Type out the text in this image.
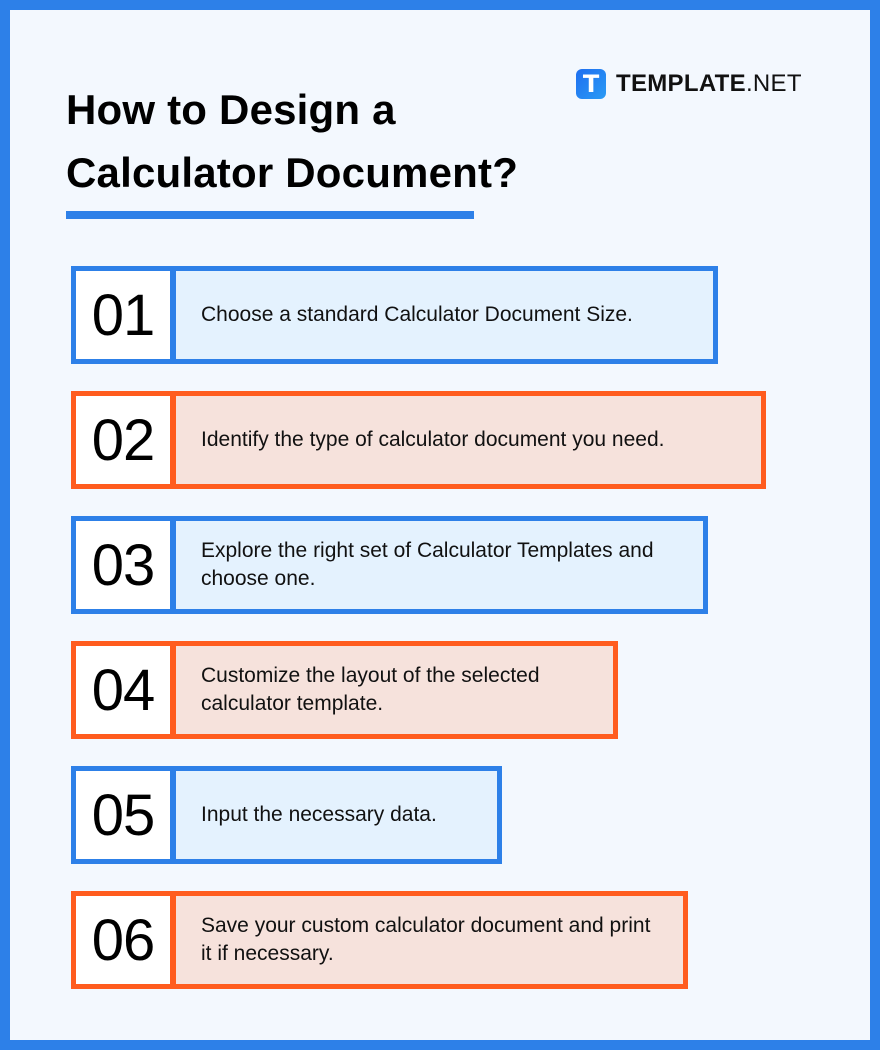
How to Design a
Calculator Document?
T TEMPLATE.NET
01	Choose a standard Calculator Document Size.
02	Identify the type of calculator document you need.
03	Explore the right set of Calculator Templates and choose one.
04	Customize the layout of the selected calculator template.
05	Input the necessary data.
06	Save your custom calculator document and print it if necessary.
